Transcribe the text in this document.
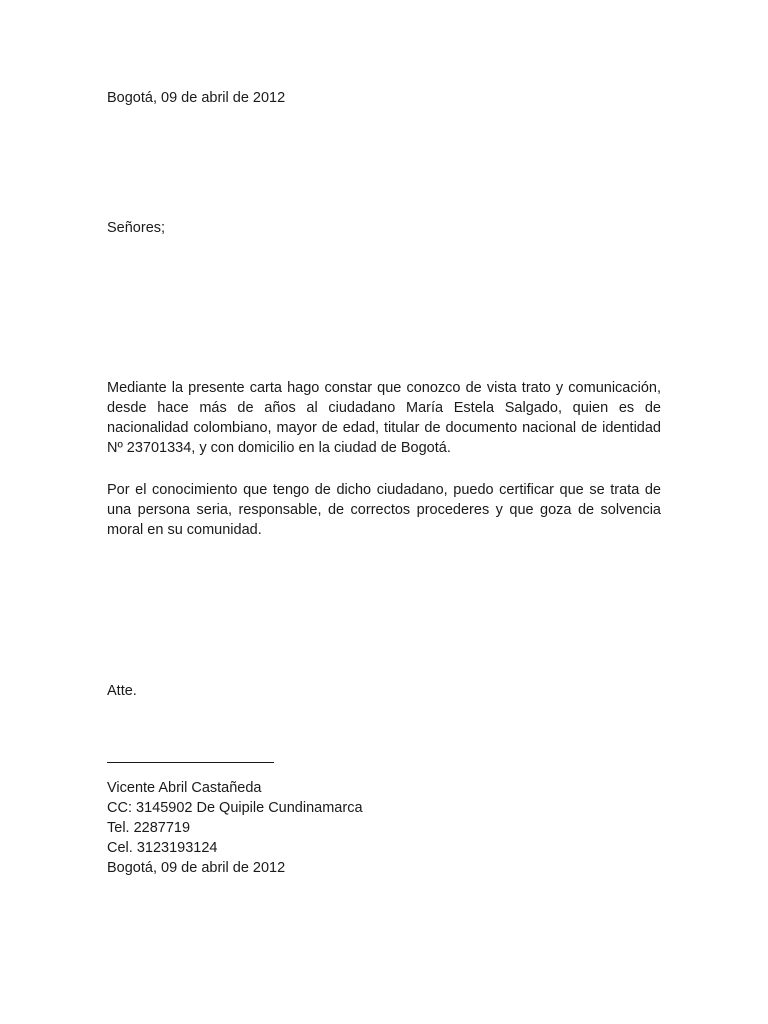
Bogotá, 09 de abril de 2012
Señores;

Mediante la presente carta hago constar que conozco de vista trato y comunicación, desde hace más de años al ciudadano María Estela Salgado, quien es de nacionalidad colombiano, mayor de edad, titular de documento nacional de identidad Nº 23701334, y con domicilio en la ciudad de Bogotá.

Por el conocimiento que tengo de dicho ciudadano, puedo certificar que se trata de una persona seria, responsable, de correctos procederes y que goza de solvencia moral en su comunidad.

Atte.
Vicente Abril Castañeda
CC: 3145902 De Quipile Cundinamarca
Tel. 2287719
Cel. 3123193124
Bogotá, 09 de abril de 2012
